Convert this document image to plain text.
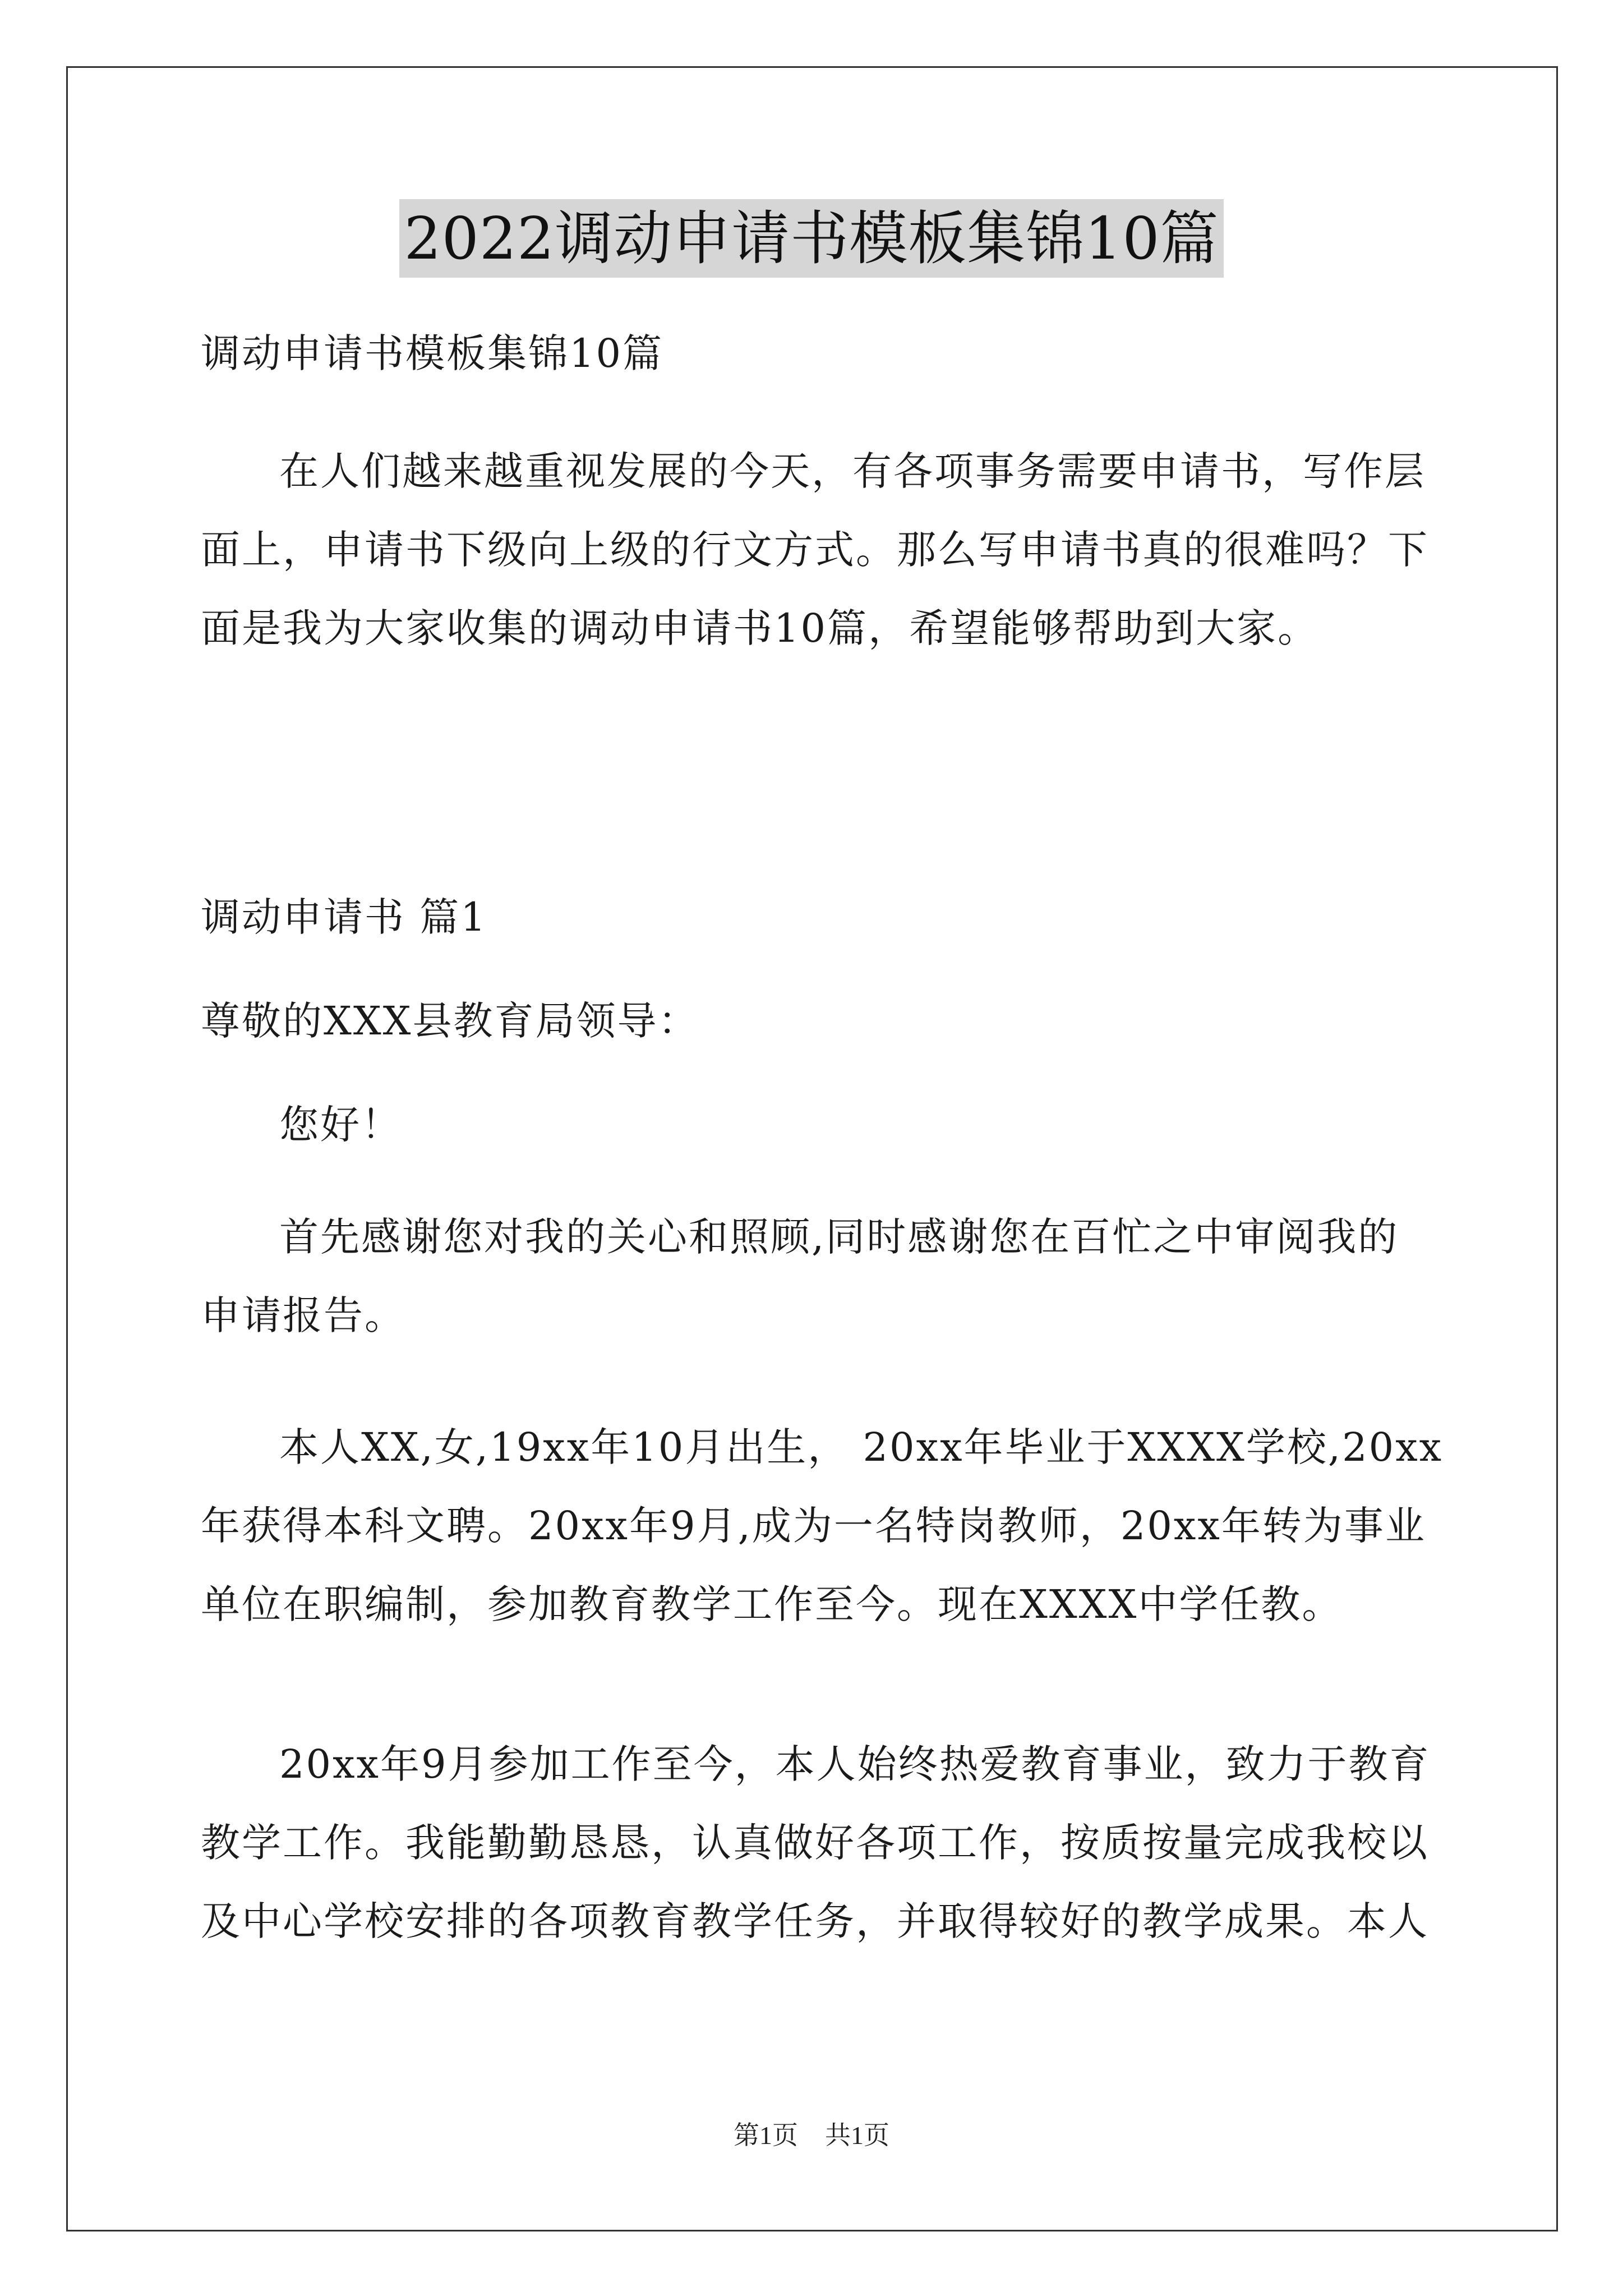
2022调动申请书模板集锦10篇
调动申请书模板集锦10篇
在人们越来越重视发展的今天，有各项事务需要申请书，写作层
面上，申请书下级向上级的行文方式。那么写申请书真的很难吗？下
面是我为大家收集的调动申请书10篇，希望能够帮助到大家。
调动申请书 篇1
尊敬的XXX县教育局领导：
您好！
首先感谢您对我的关心和照顾,同时感谢您在百忙之中审阅我的
申请报告。
本人XX,女,19xx年10月出生， 20xx年毕业于XXXX学校,20xx
年获得本科文聘。20xx年9月,成为一名特岗教师，20xx年转为事业
单位在职编制，参加教育教学工作至今。现在XXXX中学任教。
20xx年9月参加工作至今，本人始终热爱教育事业，致力于教育
教学工作。我能勤勤恳恳，认真做好各项工作，按质按量完成我校以
及中心学校安排的各项教育教学任务，并取得较好的教学成果。本人
第1页 共1页
